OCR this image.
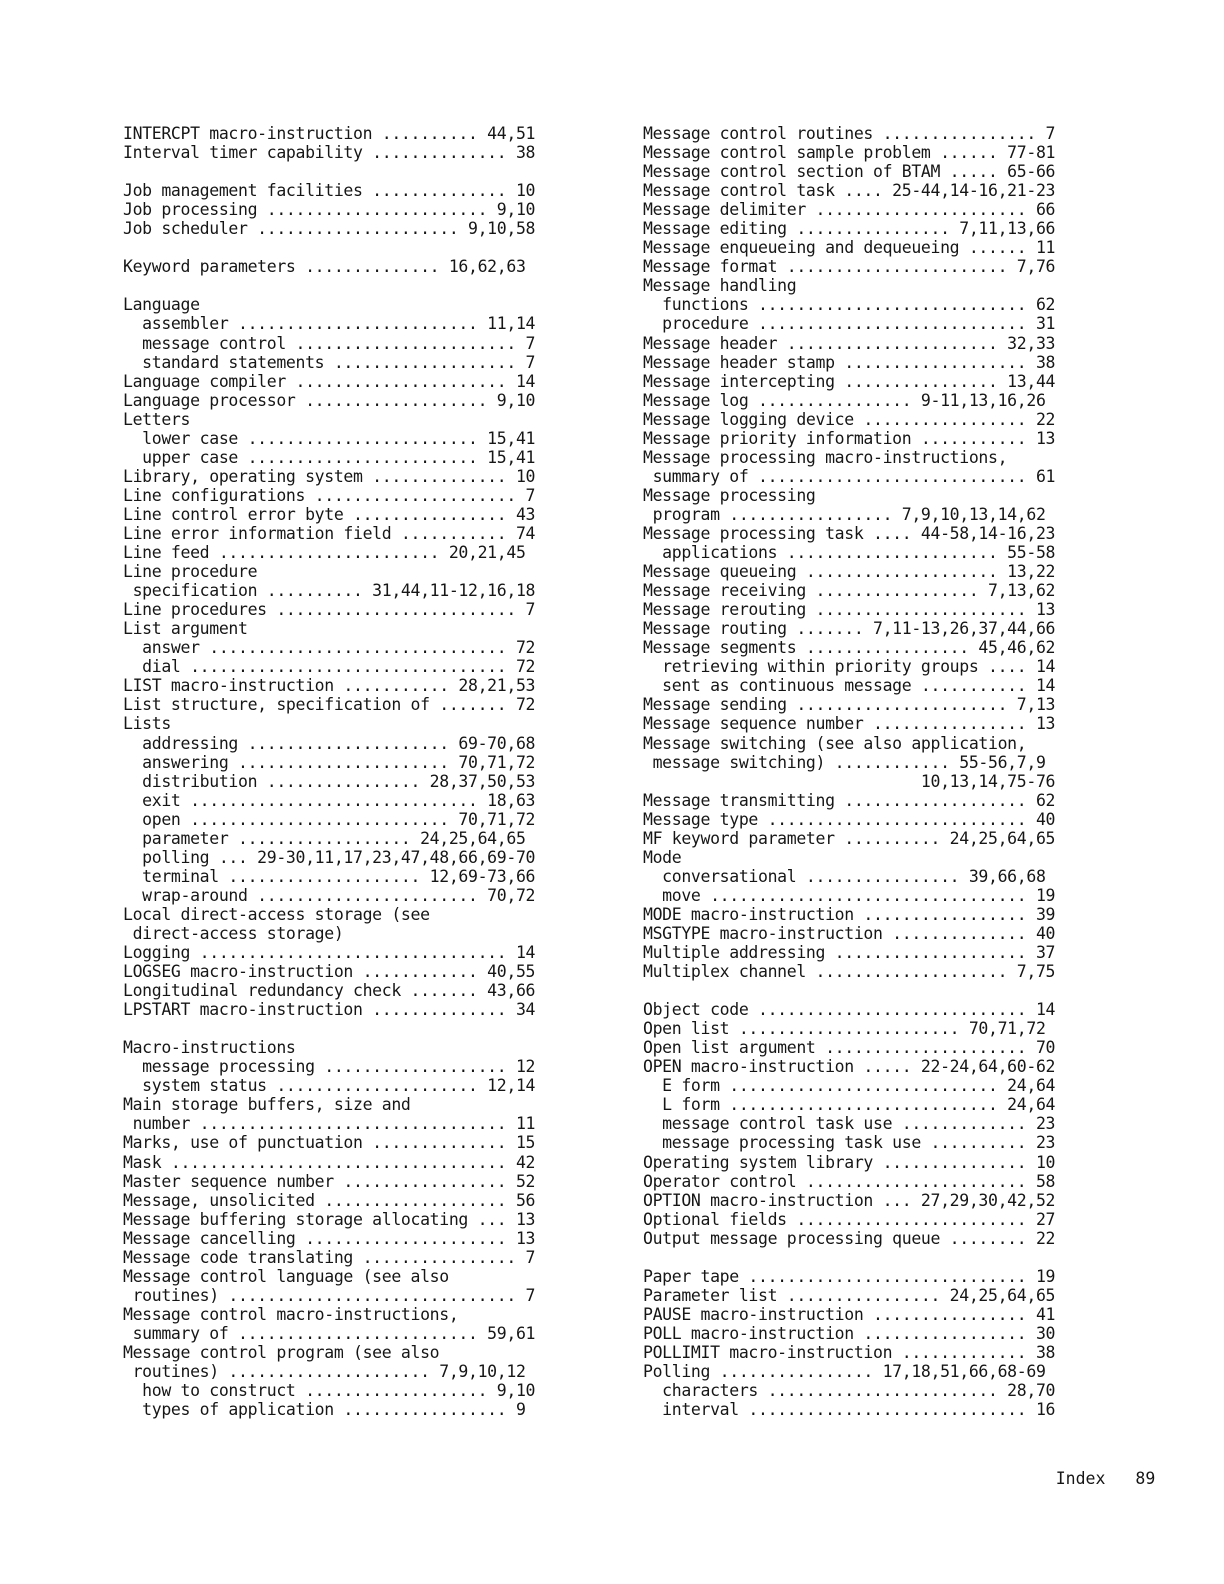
INTERCPT macro-instruction .......... 44,51
Interval timer capability .............. 38
Job management facilities .............. 10
Job processing ....................... 9,10
Job scheduler ..................... 9,10,58
Keyword parameters .............. 16,62,63
Language
assembler ......................... 11,14
message control ....................... 7
standard statements ................... 7
Language compiler ...................... 14
Language processor ................... 9,10
Letters
lower case ........................ 15,41
upper case ........................ 15,41
Library, operating system .............. 10
Line configurations ..................... 7
Line control error byte ................ 43
Line error information field ........... 74
Line feed ....................... 20,21,45
Line procedure
specification .......... 31,44,11-12,16,18
Line procedures ......................... 7
List argument
answer ............................... 72
dial ................................. 72
LIST macro-instruction ........... 28,21,53
List structure, specification of ....... 72
Lists
addressing ..................... 69-70,68
answering ...................... 70,71,72
distribution ................ 28,37,50,53
exit .............................. 18,63
open ........................... 70,71,72
parameter .................. 24,25,64,65
polling ... 29-30,11,17,23,47,48,66,69-70
terminal .................... 12,69-73,66
wrap-around ....................... 70,72
Local direct-access storage (see
direct-access storage)
Logging ................................ 14
LOGSEG macro-instruction ............ 40,55
Longitudinal redundancy check ....... 43,66
LPSTART macro-instruction .............. 34
Macro-instructions
message processing ................... 12
system status ..................... 12,14
Main storage buffers, size and
number ................................ 11
Marks, use of punctuation .............. 15
Mask ................................... 42
Master sequence number ................. 52
Message, unsolicited ................... 56
Message buffering storage allocating ... 13
Message cancelling ..................... 13
Message code translating ................ 7
Message control language (see also
routines) .............................. 7
Message control macro-instructions,
summary of ......................... 59,61
Message control program (see also
routines) ..................... 7,9,10,12
how to construct ................... 9,10
types of application ................. 9
Message control routines ................ 7
Message control sample problem ...... 77-81
Message control section of BTAM ..... 65-66
Message control task .... 25-44,14-16,21-23
Message delimiter ...................... 66
Message editing ................ 7,11,13,66
Message enqueueing and dequeueing ...... 11
Message format ....................... 7,76
Message handling
functions ............................ 62
procedure ............................ 31
Message header ...................... 32,33
Message header stamp ................... 38
Message intercepting ................ 13,44
Message log ................ 9-11,13,16,26
Message logging device ................. 22
Message priority information ........... 13
Message processing macro-instructions,
summary of ............................ 61
Message processing
program ................. 7,9,10,13,14,62
Message processing task .... 44-58,14-16,23
applications ...................... 55-58
Message queueing .................... 13,22
Message receiving ................. 7,13,62
Message rerouting ...................... 13
Message routing ....... 7,11-13,26,37,44,66
Message segments ................. 45,46,62
retrieving within priority groups .... 14
sent as continuous message ........... 14
Message sending ...................... 7,13
Message sequence number ................ 13
Message switching (see also application,
message switching) ............ 55-56,7,9
10,13,14,75-76
Message transmitting ................... 62
Message type ........................... 40
MF keyword parameter .......... 24,25,64,65
Mode
conversational ................ 39,66,68
move ................................. 19
MODE macro-instruction ................. 39
MSGTYPE macro-instruction .............. 40
Multiple addressing .................... 37
Multiplex channel .................... 7,75
Object code ............................ 14
Open list ....................... 70,71,72
Open list argument ..................... 70
OPEN macro-instruction ..... 22-24,64,60-62
E form ............................ 24,64
L form ............................ 24,64
message control task use ............. 23
message processing task use .......... 23
Operating system library ............... 10
Operator control ....................... 58
OPTION macro-instruction ... 27,29,30,42,52
Optional fields ........................ 27
Output message processing queue ........ 22
Paper tape ............................. 19
Parameter list ................ 24,25,64,65
PAUSE macro-instruction ................ 41
POLL macro-instruction ................. 30
POLLIMIT macro-instruction ............. 38
Polling ................ 17,18,51,66,68-69
characters ........................ 28,70
interval ............................. 16

Index 89
